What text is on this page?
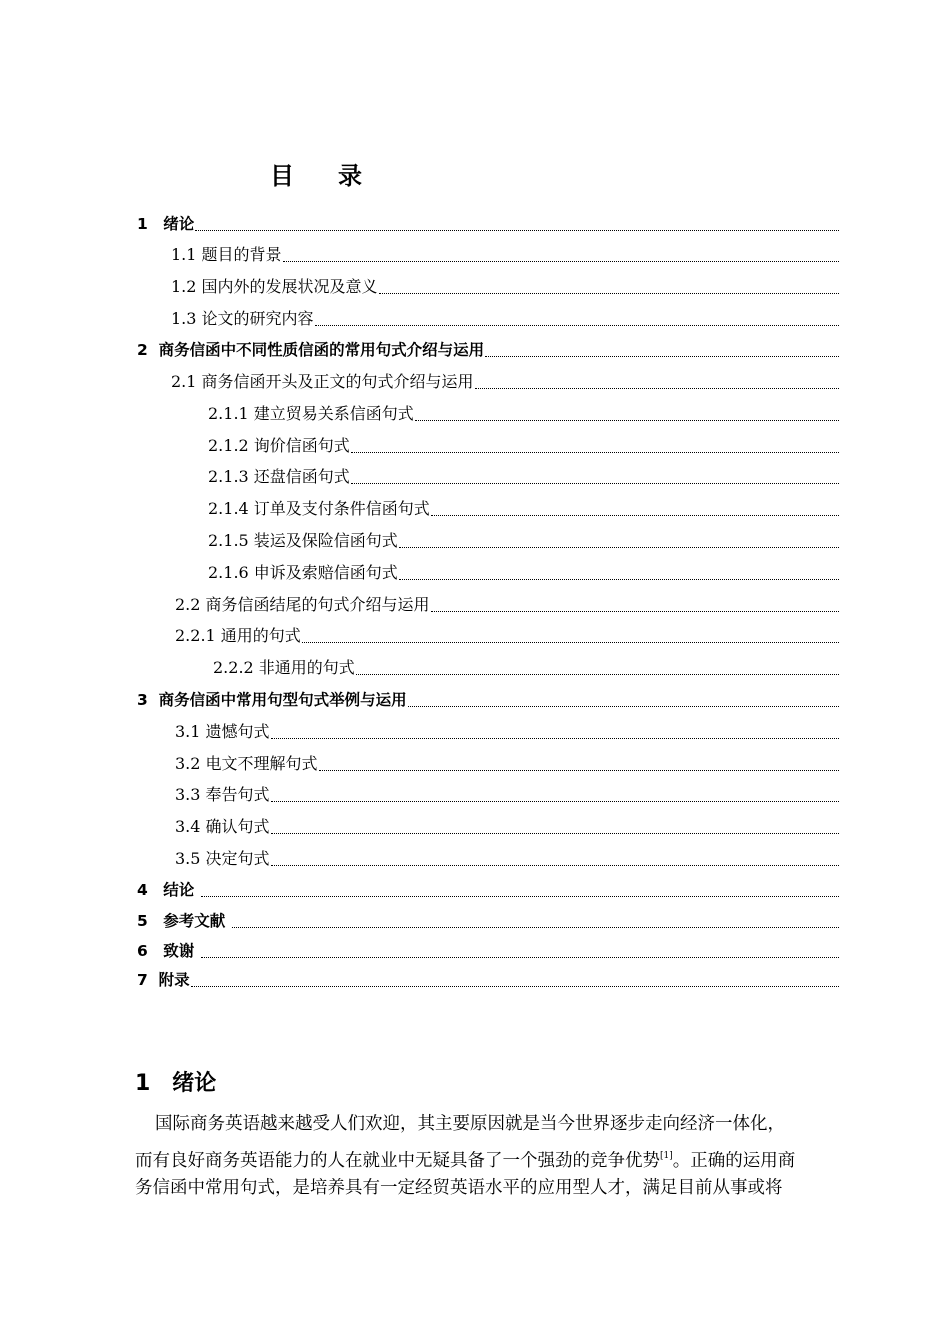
目 录
1　绪论
1.1 题目的背景
1.2 国内外的发展状况及意义
1.3 论文的研究内容
2  商务信函中不同性质信函的常用句式介绍与运用
2.1 商务信函开头及正文的句式介绍与运用
2.1.1 建立贸易关系信函句式
2.1.2 询价信函句式
2.1.3 还盘信函句式
2.1.4 订单及支付条件信函句式
2.1.5 装运及保险信函句式
2.1.6 申诉及索赔信函句式
2.2 商务信函结尾的句式介绍与运用
2.2.1 通用的句式
2.2.2 非通用的句式
3  商务信函中常用句型句式举例与运用
3.1 遗憾句式
3.2 电文不理解句式
3.3 奉告句式
3.4 确认句式
3.5 决定句式
4　结论
5　参考文献
6　致谢
7  附录
1　绪论
国际商务英语越来越受人们欢迎，其主要原因就是当今世界逐步走向经济一体化，
而有良好商务英语能力的人在就业中无疑具备了一个强劲的竞争优势[1]。正确的运用商
务信函中常用句式，是培养具有一定经贸英语水平的应用型人才，满足目前从事或将
